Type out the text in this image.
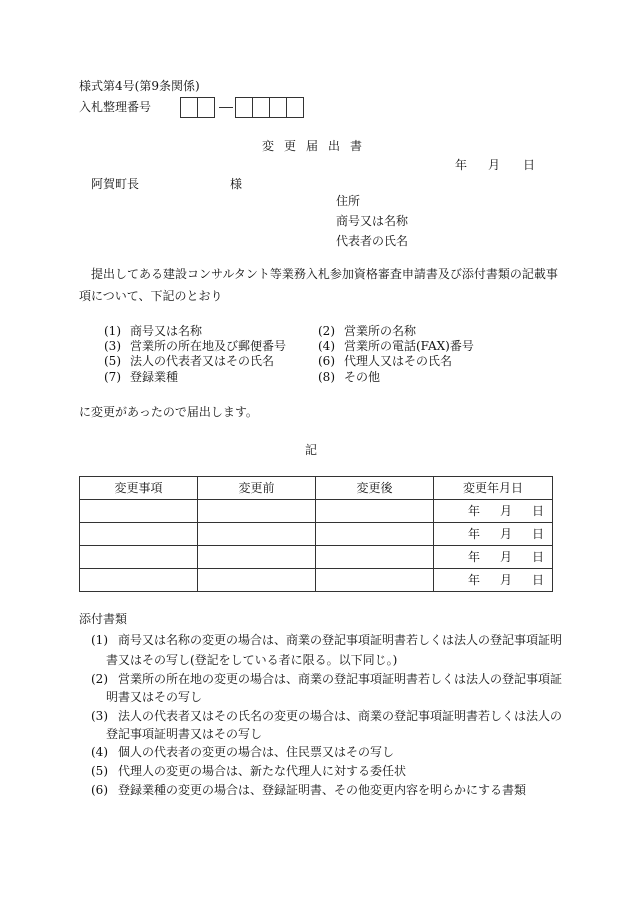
様式第4号(第9条関係)
入札整理番号
変更届出書
年 月 日
阿賀町長	様
住所
商号又は名称
代表者の氏名
提出してある建設コンサルタント等業務入札参加資格審査申請書及び添付書類の記載事
項について、下記のとおり
(1) 商号又は名称	(2) 営業所の名称
(3) 営業所の所在地及び郵便番号	(4) 営業所の電話(FAX)番号
(5) 法人の代表者又はその氏名	(6) 代理人又はその氏名
(7) 登録業種	(8) その他
に変更があったので届出します。
記
変更事項	変更前	変更後	変更年月日
			年 月 日
			年 月 日
			年 月 日
			年 月 日
添付書類
(1) 商号又は名称の変更の場合は、商業の登記事項証明書若しくは法人の登記事項証明
書又はその写し(登記をしている者に限る。以下同じ。)
(2) 営業所の所在地の変更の場合は、商業の登記事項証明書若しくは法人の登記事項証
明書又はその写し
(3) 法人の代表者又はその氏名の変更の場合は、商業の登記事項証明書若しくは法人の
登記事項証明書又はその写し
(4) 個人の代表者の変更の場合は、住民票又はその写し
(5) 代理人の変更の場合は、新たな代理人に対する委任状
(6) 登録業種の変更の場合は、登録証明書、その他変更内容を明らかにする書類
